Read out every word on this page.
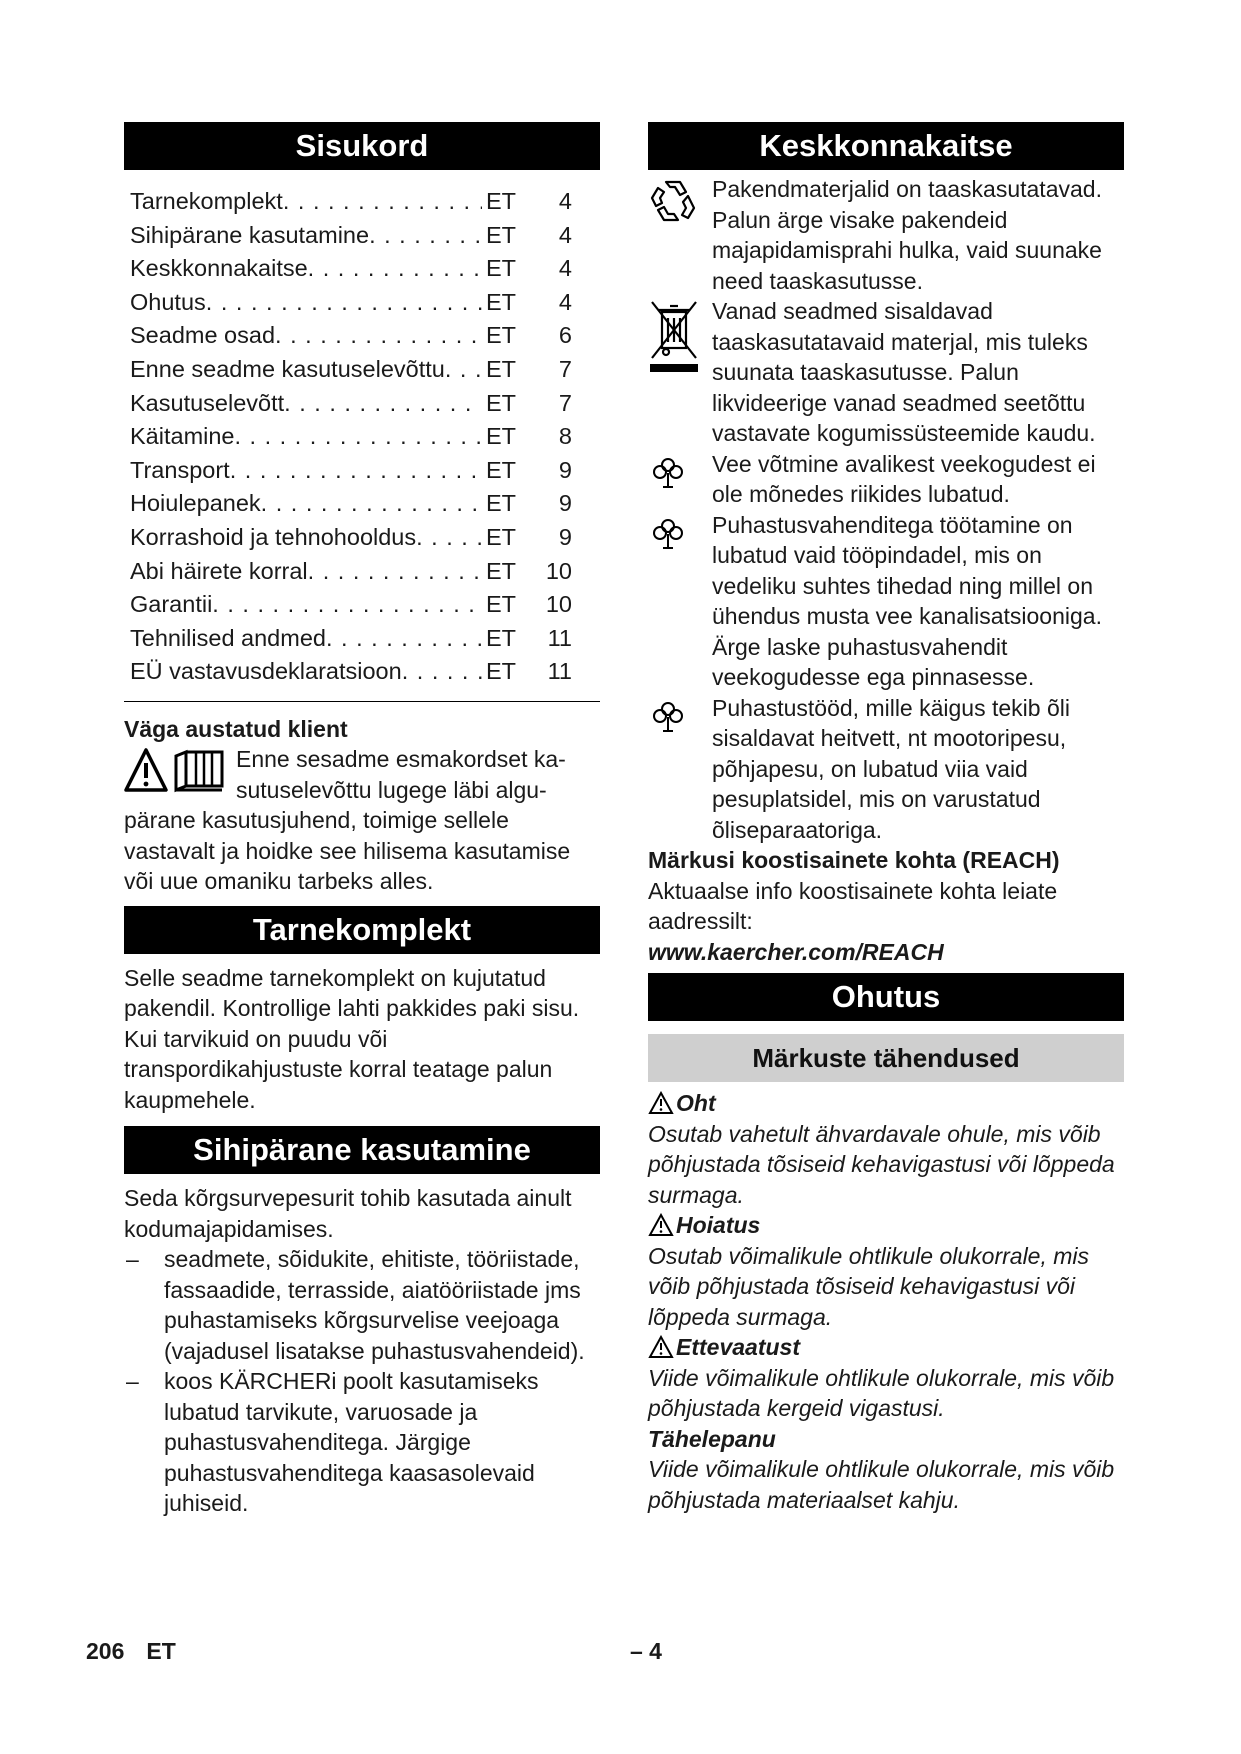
Sisukord
Tarnekomplekt . . .	ET	4
Sihipärane kasutamine . . .	ET	4
Keskkonnakaitse . . .	ET	4
Ohutus . . .	ET	4
Seadme osad . . .	ET	6
Enne seadme kasutuselevõttu . . . ET	7
Kasutuselevõtt . . .	ET	7
Käitamine . . .	ET	8
Transport . . .	ET	9
Hoiulepanek . . .	ET	9
Korrashoid ja tehnohooldus . . .	ET	9
Abi häirete korral . . .	ET	10
Garantii . . .	ET	10
Tehnilised andmed . . .	ET	11
EÜ vastavusdeklaratsioon . . .	ET	11

Väga austatud klient

Enne sesadme esmakordset ka-

sutuselevõttu lugege läbi algu-

pärane kasutusjuhend, toimige sellele vastavalt ja hoidke see hilisema kasutamise või uue omaniku tarbeks alles.

Tarnekomplekt

Selle seadme tarnekomplekt on kujutatud pakendil. Kontrollige lahti pakkides paki sisu.

Kui tarvikuid on puudu või transpordikahjustuste korral teatage palun kaupmehele.

Sihipärane kasutamine

Seda kõrgsurvepesurit tohib kasutada ainult kodumajapidamises.

–	seadmete, sõidukite, ehitiste, tööriistade, fassaadide, terrasside, aiatööriistade jms puhastamiseks kõrgsurvelise veejoaga (vajadusel lisatakse puhastusvahendeid).
–	koos KÄRCHERi poolt kasutamiseks lubatud tarvikute, varuosade ja puhastusvahenditega. Järgige puhastusvahenditega kaasasolevaid juhiseid.
Keskkonnakaitse

Pakendmaterjalid on taaskasutatavad. Palun ärge visake pakendeid majapidamisprahi hulka, vaid suunake need taaskasutusse.

Vanad seadmed sisaldavad taaskasutatavaid materjal, mis tuleks suunata taaskasutusse. Palun likvideerige vanad seadmed seetõttu vastavate kogumissüsteemide kaudu.

Vee võtmine avalikest veekogudest ei ole mõnedes riikides lubatud.

Puhastusvahenditega töötamine on lubatud vaid tööpindadel, mis on vedeliku suhtes tihedad ning millel on ühendus musta vee kanalisatsiooniga. Ärge laske puhastusvahendit veekogudesse ega pinnasesse.

Puhastustööd, mille käigus tekib õli sisaldavat heitvett, nt mootoripesu, põhjapesu, on lubatud viia vaid pesuplatsidel, mis on varustatud õliseparaatoriga.

Märkusi koostisainete kohta (REACH)

Aktuaalse info koostisainete kohta leiate aadressilt:

www.kaercher.com/REACH

Ohutus
Märkuste tähendused
Oht

Osutab vahetult ähvardavale ohule, mis võib põhjustada tõsiseid kehavigastusi või lõppeda surmaga.

Hoiatus

Osutab võimalikule ohtlikule olukorrale, mis võib põhjustada tõsiseid kehavigastusi või lõppeda surmaga.

Ettevaatust

Viide võimalikule ohtlikule olukorrale, mis võib põhjustada kergeid vigastusi.

Tähelepanu

Viide võimalikule ohtlikule olukorrale, mis võib põhjustada materiaalset kahju.

206 ET	– 4
